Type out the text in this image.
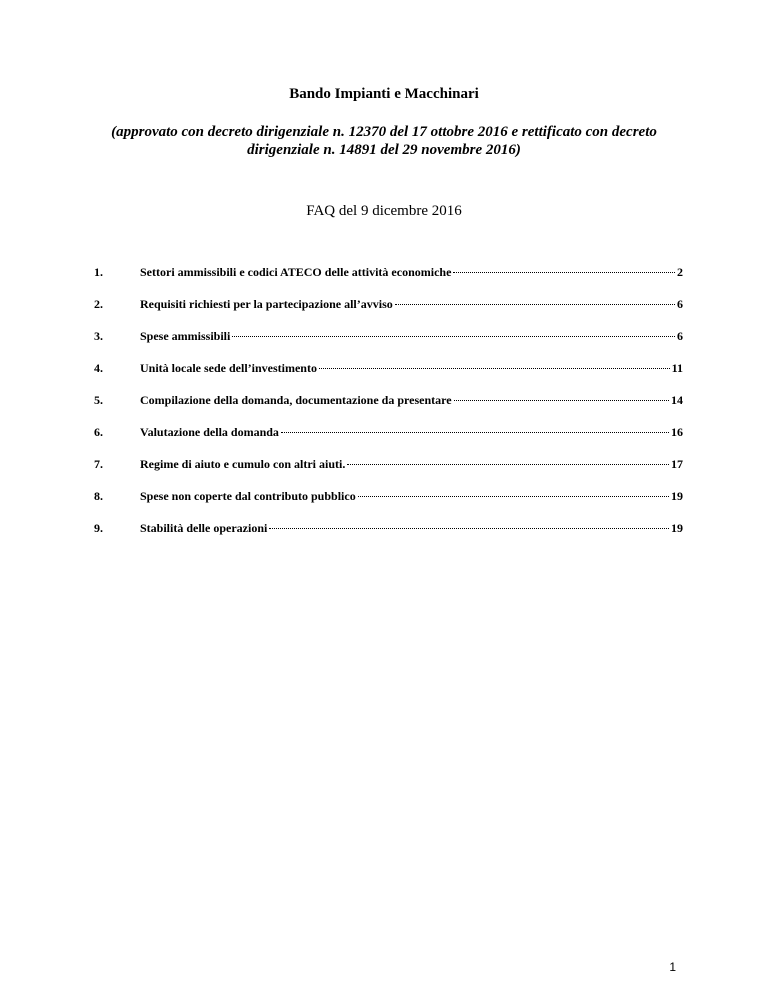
Bando Impianti e Macchinari
(approvato con decreto dirigenziale n. 12370 del 17 ottobre 2016 e rettificato con decreto dirigenziale n. 14891 del 29 novembre 2016)
FAQ del 9 dicembre 2016
1.	Settori ammissibili e codici ATECO delle attività economiche	2
2.	Requisiti richiesti per la partecipazione all’avviso	6
3.	Spese ammissibili	6
4.	Unità locale sede dell’investimento	11
5.	Compilazione della domanda, documentazione da presentare	14
6.	Valutazione della domanda	16
7.	Regime di aiuto e cumulo con altri aiuti.	17
8.	Spese non coperte dal contributo pubblico	19
9.	Stabilità delle operazioni	19
1
